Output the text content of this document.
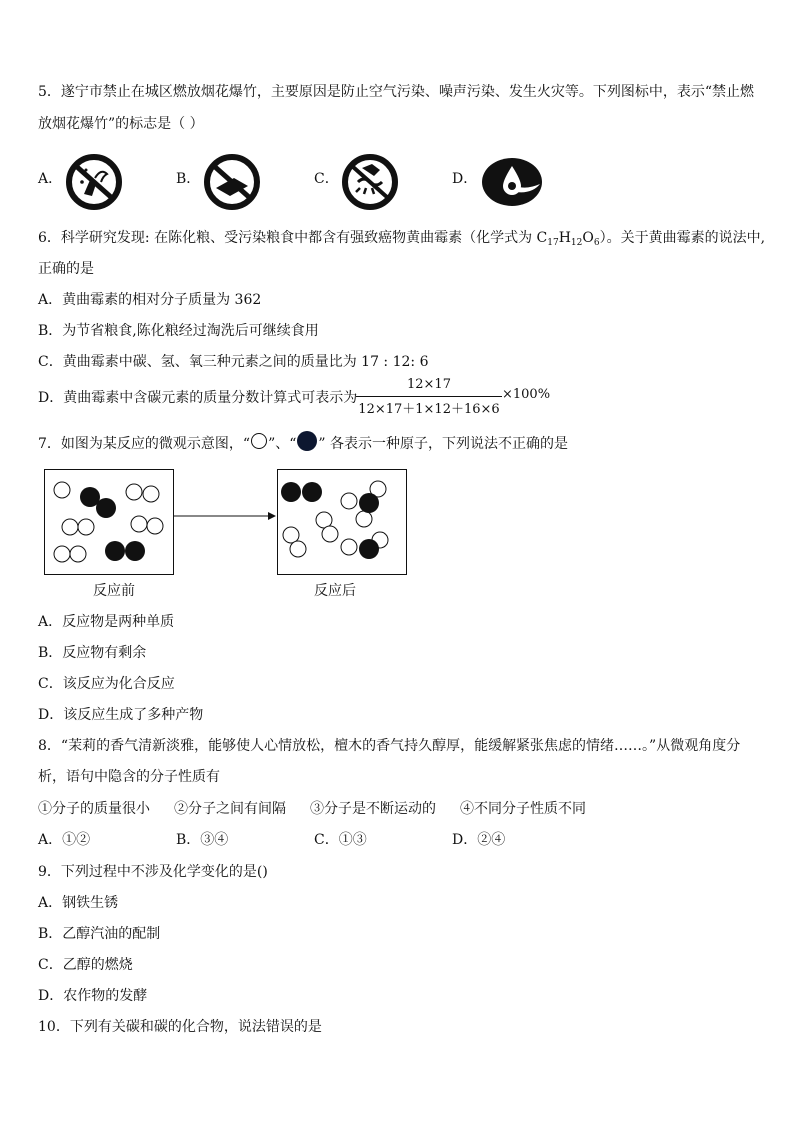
5．遂宁市禁止在城区燃放烟花爆竹，主要原因是防止空气污染、噪声污染、发生火灾等。下列图标中，表示“禁止燃
放烟花爆竹”的标志是（ ）
A．	B．	C．	D．
6．科学研究发现: 在陈化粮、受污染粮食中都含有强致癌物黄曲霉素（化学式为 $C_{17}H_{12}O_6$）。关于黄曲霉素的说法中,
正确的是
A．黄曲霉素的相对分子质量为 362
B．为节省粮食,陈化粮经过淘洗后可继续食用
C．黄曲霉素中碳、氢、氧三种元素之间的质量比为 17 : 12: 6
D．黄曲霉素中含碳元素的质量分数计算式可表示为
12×17
12×17＋1×12＋16×6
×100%
7．如图为某反应的微观示意图，“ ”、“ ” 各表示一种原子，下列说法不正确的是
反应前	反应后
A．反应物是两种单质
B．反应物有剩余
C．该反应为化合反应
D．该反应生成了多种产物
8．“茉莉的香气清新淡雅，能够使人心情放松，檀木的香气持久醇厚，能缓解紧张焦虑的情绪……。”从微观角度分
析，语句中隐含的分子性质有
①分子的质量很小 ②分子之间有间隔 ③分子是不断运动的 ④不同分子性质不同
A．①②	B．③④	C．①③	D．②④
9．下列过程中不涉及化学变化的是()
A．钢铁生锈
B．乙醇汽油的配制
C．乙醇的燃烧
D．农作物的发酵
10．下列有关碳和碳的化合物，说法错误的是
